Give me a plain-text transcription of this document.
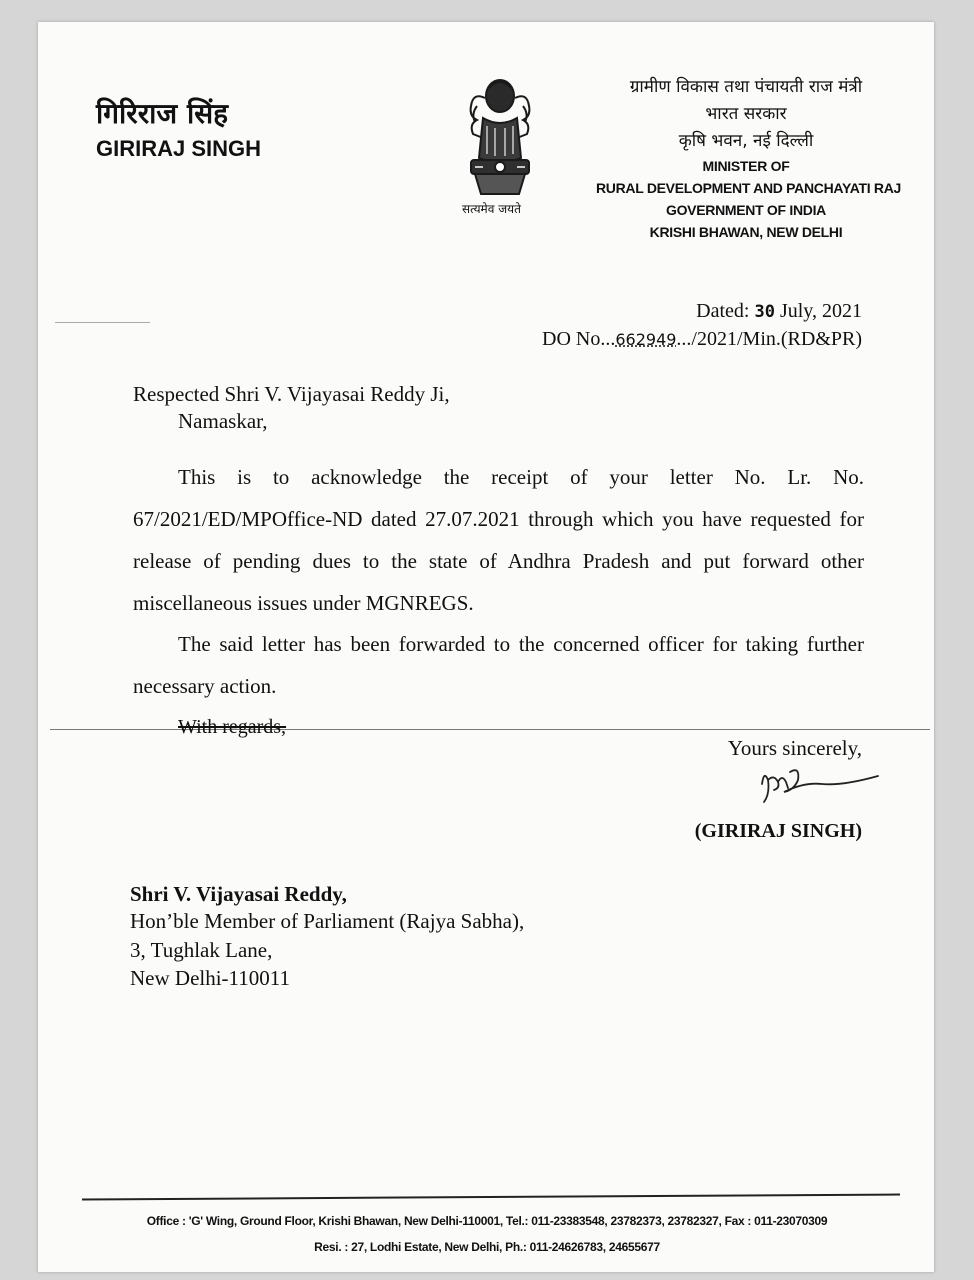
गिरिराज सिंह
GIRIRAJ SINGH
सत्यमेव जयते
ग्रामीण विकास तथा पंचायती राज मंत्री
भारत सरकार
कृषि भवन, नई दिल्ली
MINISTER OF
RURAL DEVELOPMENT AND PANCHAYATI RAJ
GOVERNMENT OF INDIA
KRISHI BHAWAN, NEW DELHI
Dated: 30 July, 2021
DO No...662949.../2021/Min.(RD&PR)
Respected Shri V. Vijayasai Reddy Ji,
Namaskar,
This is to acknowledge the receipt of your letter No. Lr. No. 67/2021/ED/MPOffice-ND dated 27.07.2021 through which you have requested for release of pending dues to the state of Andhra Pradesh and put forward other miscellaneous issues under MGNREGS.
The said letter has been forwarded to the concerned officer for taking further necessary action.
With regards,
Yours sincerely,
(GIRIRAJ SINGH)
Shri V. Vijayasai Reddy,
Hon’ble Member of Parliament (Rajya Sabha),
3, Tughlak Lane,
New Delhi-110011
Office : 'G' Wing, Ground Floor, Krishi Bhawan, New Delhi-110001, Tel.: 011-23383548, 23782373, 23782327, Fax : 011-23070309
Resi. : 27, Lodhi Estate, New Delhi, Ph.: 011-24626783, 24655677
